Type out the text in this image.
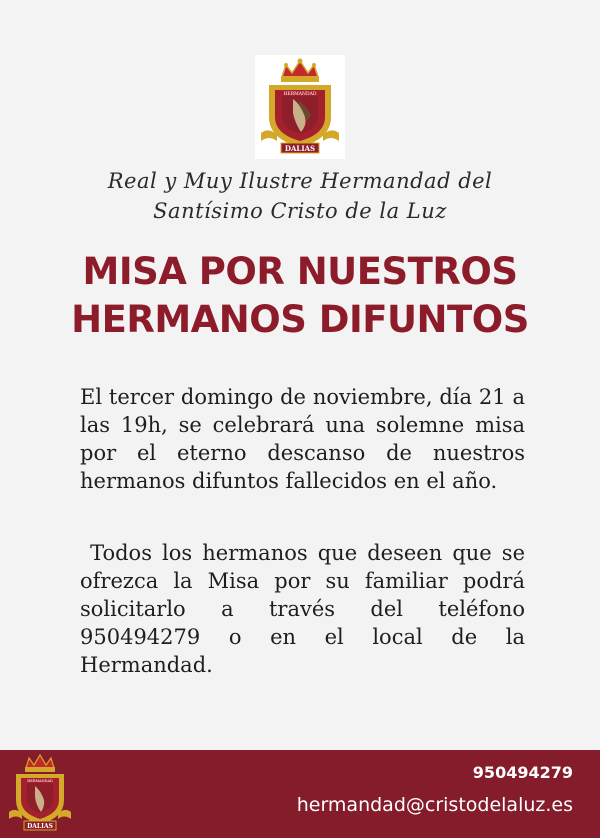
HERMANDAD
DALIAS
Real y Muy Ilustre Hermandad del
Santísimo Cristo de la Luz
MISA POR NUESTROS
HERMANOS DIFUNTOS
El tercer domingo de noviembre, día 21 a las 19h, se celebrará una solemne misa por el eterno descanso de nuestros hermanos difuntos fallecidos en el año.
Todos los hermanos que deseen que se ofrezca la Misa por su familiar podrá solicitarlo a través del teléfono 950494279 o en el local de la Hermandad.
HERMANDAD
DALIAS
950494279
hermandad@cristodelaluz.es
